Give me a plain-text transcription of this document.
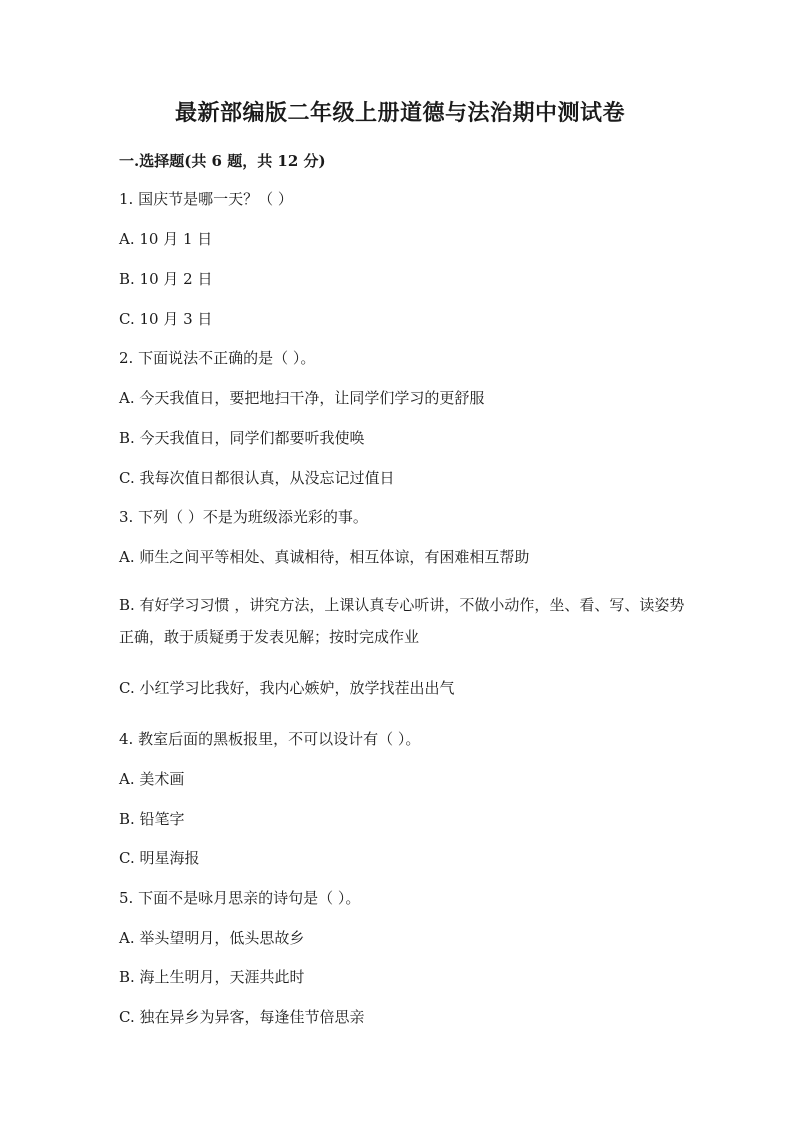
最新部编版二年级上册道德与法治期中测试卷
一.选择题(共 6 题，共 12 分)
1. 国庆节是哪一天？（ ）
A. 10 月 1 日
B. 10 月 2 日
C. 10 月 3 日
2. 下面说法不正确的是（ ）。
A. 今天我值日，要把地扫干净，让同学们学习的更舒服
B. 今天我值日，同学们都要听我使唤
C. 我每次值日都很认真，从没忘记过值日
3. 下列（ ）不是为班级添光彩的事。
A. 师生之间平等相处、真诚相待，相互体谅，有困难相互帮助
B. 有好学习习惯 ，讲究方法，上课认真专心听讲，不做小动作，坐、看、写、读姿势正确，敢于质疑勇于发表见解；按时完成作业
C. 小红学习比我好，我内心嫉妒，放学找茬出出气
4. 教室后面的黑板报里，不可以设计有（ ）。
A. 美术画
B. 铅笔字
C. 明星海报
5. 下面不是咏月思亲的诗句是（ ）。
A. 举头望明月，低头思故乡
B. 海上生明月，天涯共此时
C. 独在异乡为异客，每逢佳节倍思亲
